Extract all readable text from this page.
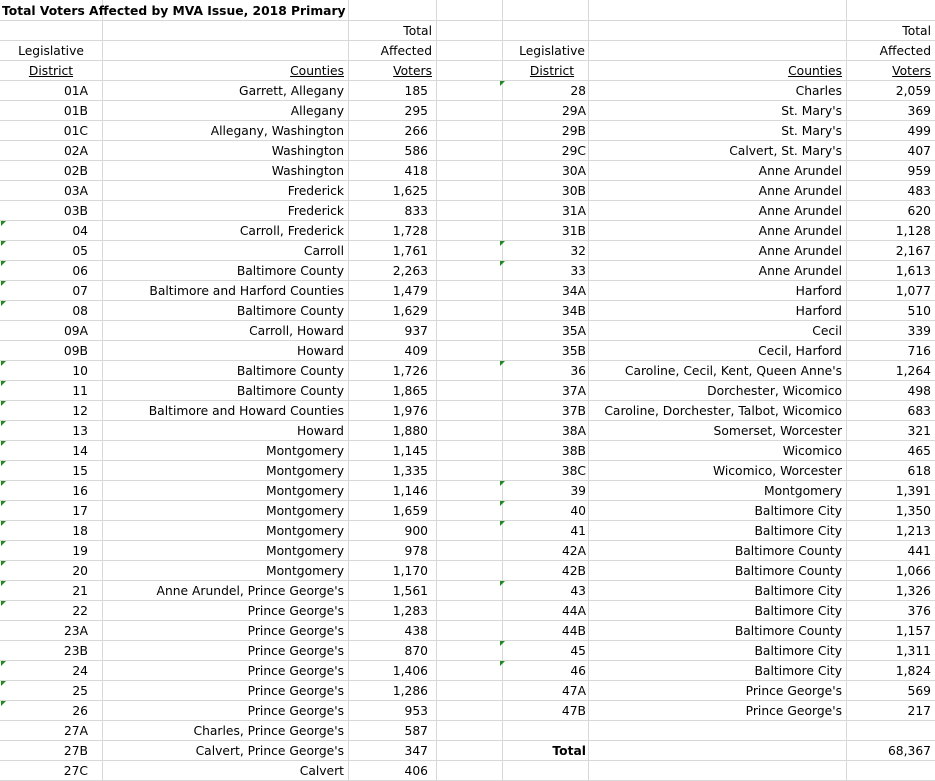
Total Voters Affected by MVA Issue, 2018 Primary
Total
Legislative	Affected
District	Counties	Voters
Total
Legislative	Affected
District	Counties	Voters
01A	Garrett, Allegany	185
01B	Allegany	295
01C	Allegany, Washington	266
02A	Washington	586
02B	Washington	418
03A	Frederick	1,625
03B	Frederick	833
04	Carroll, Frederick	1,728
05	Carroll	1,761
06	Baltimore County	2,263
07	Baltimore and Harford Counties	1,479
08	Baltimore County	1,629
09A	Carroll, Howard	937
09B	Howard	409
10	Baltimore County	1,726
11	Baltimore County	1,865
12	Baltimore and Howard Counties	1,976
13	Howard	1,880
14	Montgomery	1,145
15	Montgomery	1,335
16	Montgomery	1,146
17	Montgomery	1,659
18	Montgomery	900
19	Montgomery	978
20	Montgomery	1,170
21	Anne Arundel, Prince George's	1,561
22	Prince George's	1,283
23A	Prince George's	438
23B	Prince George's	870
24	Prince George's	1,406
25	Prince George's	1,286
26	Prince George's	953
27A	Charles, Prince George's	587
27B	Calvert, Prince George's	347
27C	Calvert	406
28	Charles	2,059
29A	St. Mary's	369
29B	St. Mary's	499
29C	Calvert, St. Mary's	407
30A	Anne Arundel	959
30B	Anne Arundel	483
31A	Anne Arundel	620
31B	Anne Arundel	1,128
32	Anne Arundel	2,167
33	Anne Arundel	1,613
34A	Harford	1,077
34B	Harford	510
35A	Cecil	339
35B	Cecil, Harford	716
36	Caroline, Cecil, Kent, Queen Anne's	1,264
37A	Dorchester, Wicomico	498
37B	Caroline, Dorchester, Talbot, Wicomico	683
38A	Somerset, Worcester	321
38B	Wicomico	465
38C	Wicomico, Worcester	618
39	Montgomery	1,391
40	Baltimore City	1,350
41	Baltimore City	1,213
42A	Baltimore County	441
42B	Baltimore County	1,066
43	Baltimore City	1,326
44A	Baltimore City	376
44B	Baltimore County	1,157
45	Baltimore City	1,311
46	Baltimore City	1,824
47A	Prince George's	569
47B	Prince George's	217
Total	68,367
